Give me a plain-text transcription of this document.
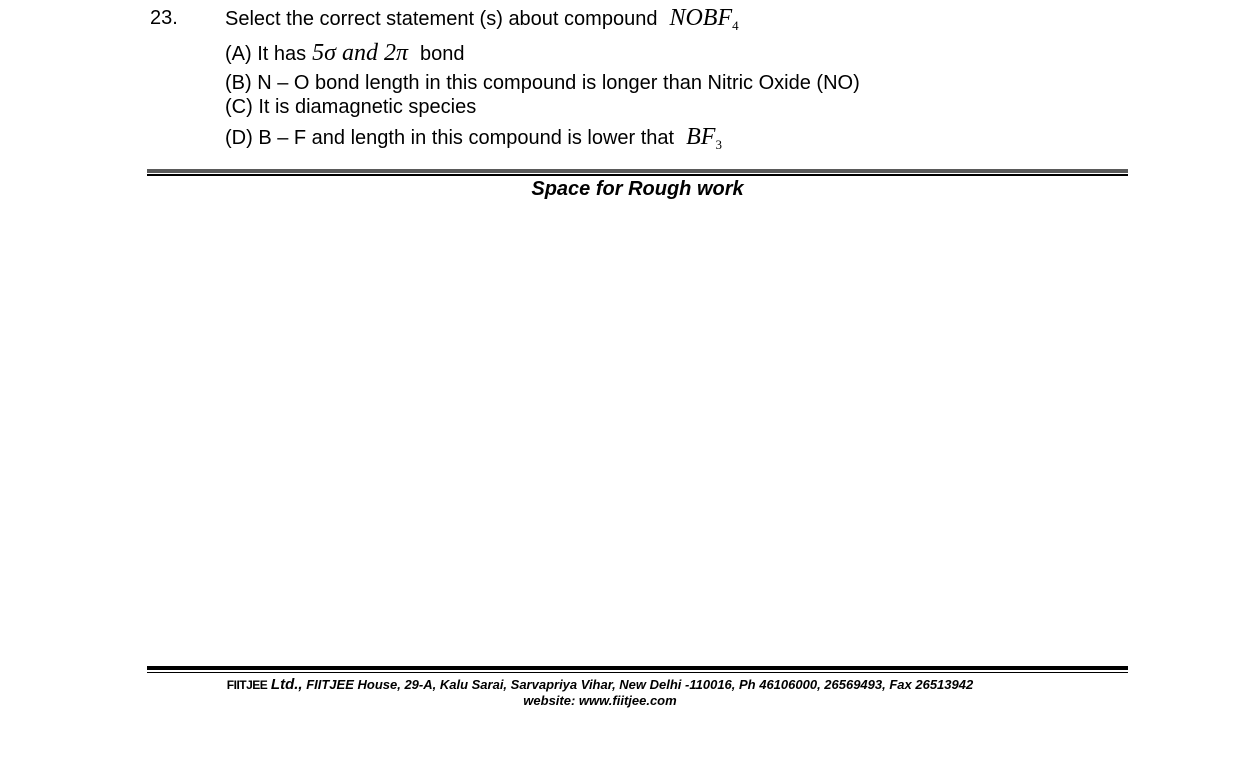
23. Select the correct statement (s) about compound $NOBF_4$
(A) It has 5σ and 2π bond
(B) N – O bond length in this compound is longer than Nitric Oxide (NO)
(C) It is diamagnetic species
(D) B – F and length in this compound is lower that $BF_3$
Space for Rough work
FIITJEE Ltd., FIITJEE House, 29-A, Kalu Sarai, Sarvapriya Vihar, New Delhi -110016, Ph 46106000, 26569493, Fax 26513942
website: www.fiitjee.com
